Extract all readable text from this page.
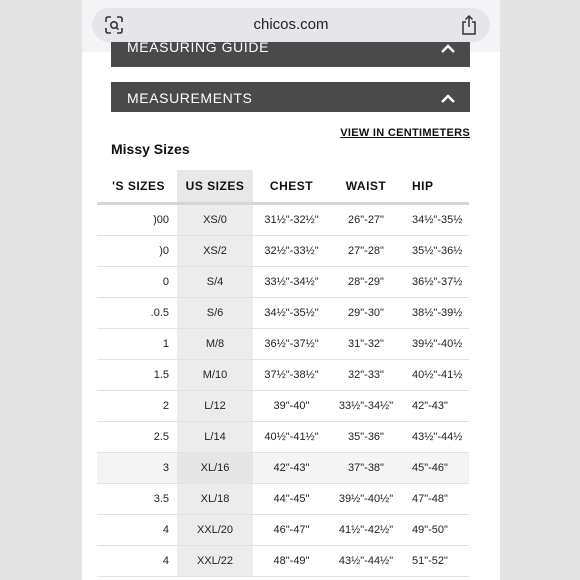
chicos.com
MEASURING GUIDE
MEASUREMENTS
VIEW IN CENTIMETERS
Missy Sizes
'S SIZES	US SIZES	CHEST	WAIST	HIP
)00	XS/0	31½"-32½"	26"-27"	34½"-35½
)0	XS/2	32½"-33½"	27"-28"	35½"-36½
0	S/4	33½"-34½"	28"-29"	36½"-37½
.0.5	S/6	34½"-35½"	29"-30"	38½"-39½
1	M/8	36½"-37½"	31"-32"	39½"-40½
1.5	M/10	37½"-38½"	32"-33"	40½"-41½
2	L/12	39"-40"	33½"-34½"	42"-43"
2.5	L/14	40½"-41½"	35"-36"	43½"-44½
3	XL/16	42"-43"	37"-38"	45"-46"
3.5	XL/18	44"-45"	39½"-40½"	47"-48"
4	XXL/20	46"-47"	41½"-42½"	49"-50"
4	XXL/22	48"-49"	43½"-44½"	51"-52"
